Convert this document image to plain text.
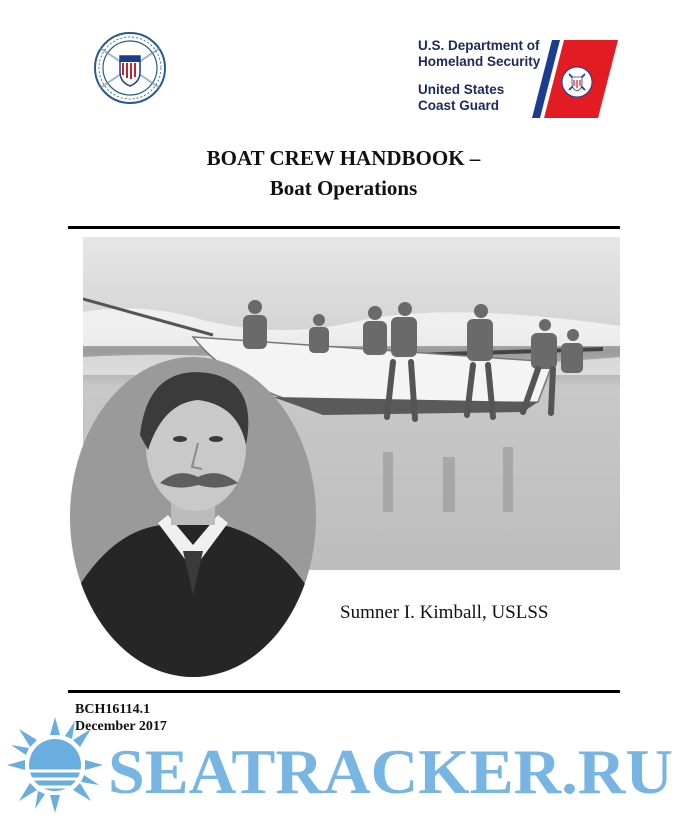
U.S. Department of
Homeland Security
United States
Coast Guard
BOAT CREW HANDBOOK –
Boat Operations
Sumner I. Kimball, USLSS
BCH16114.1
December 2017
SEATRACKER.RU
